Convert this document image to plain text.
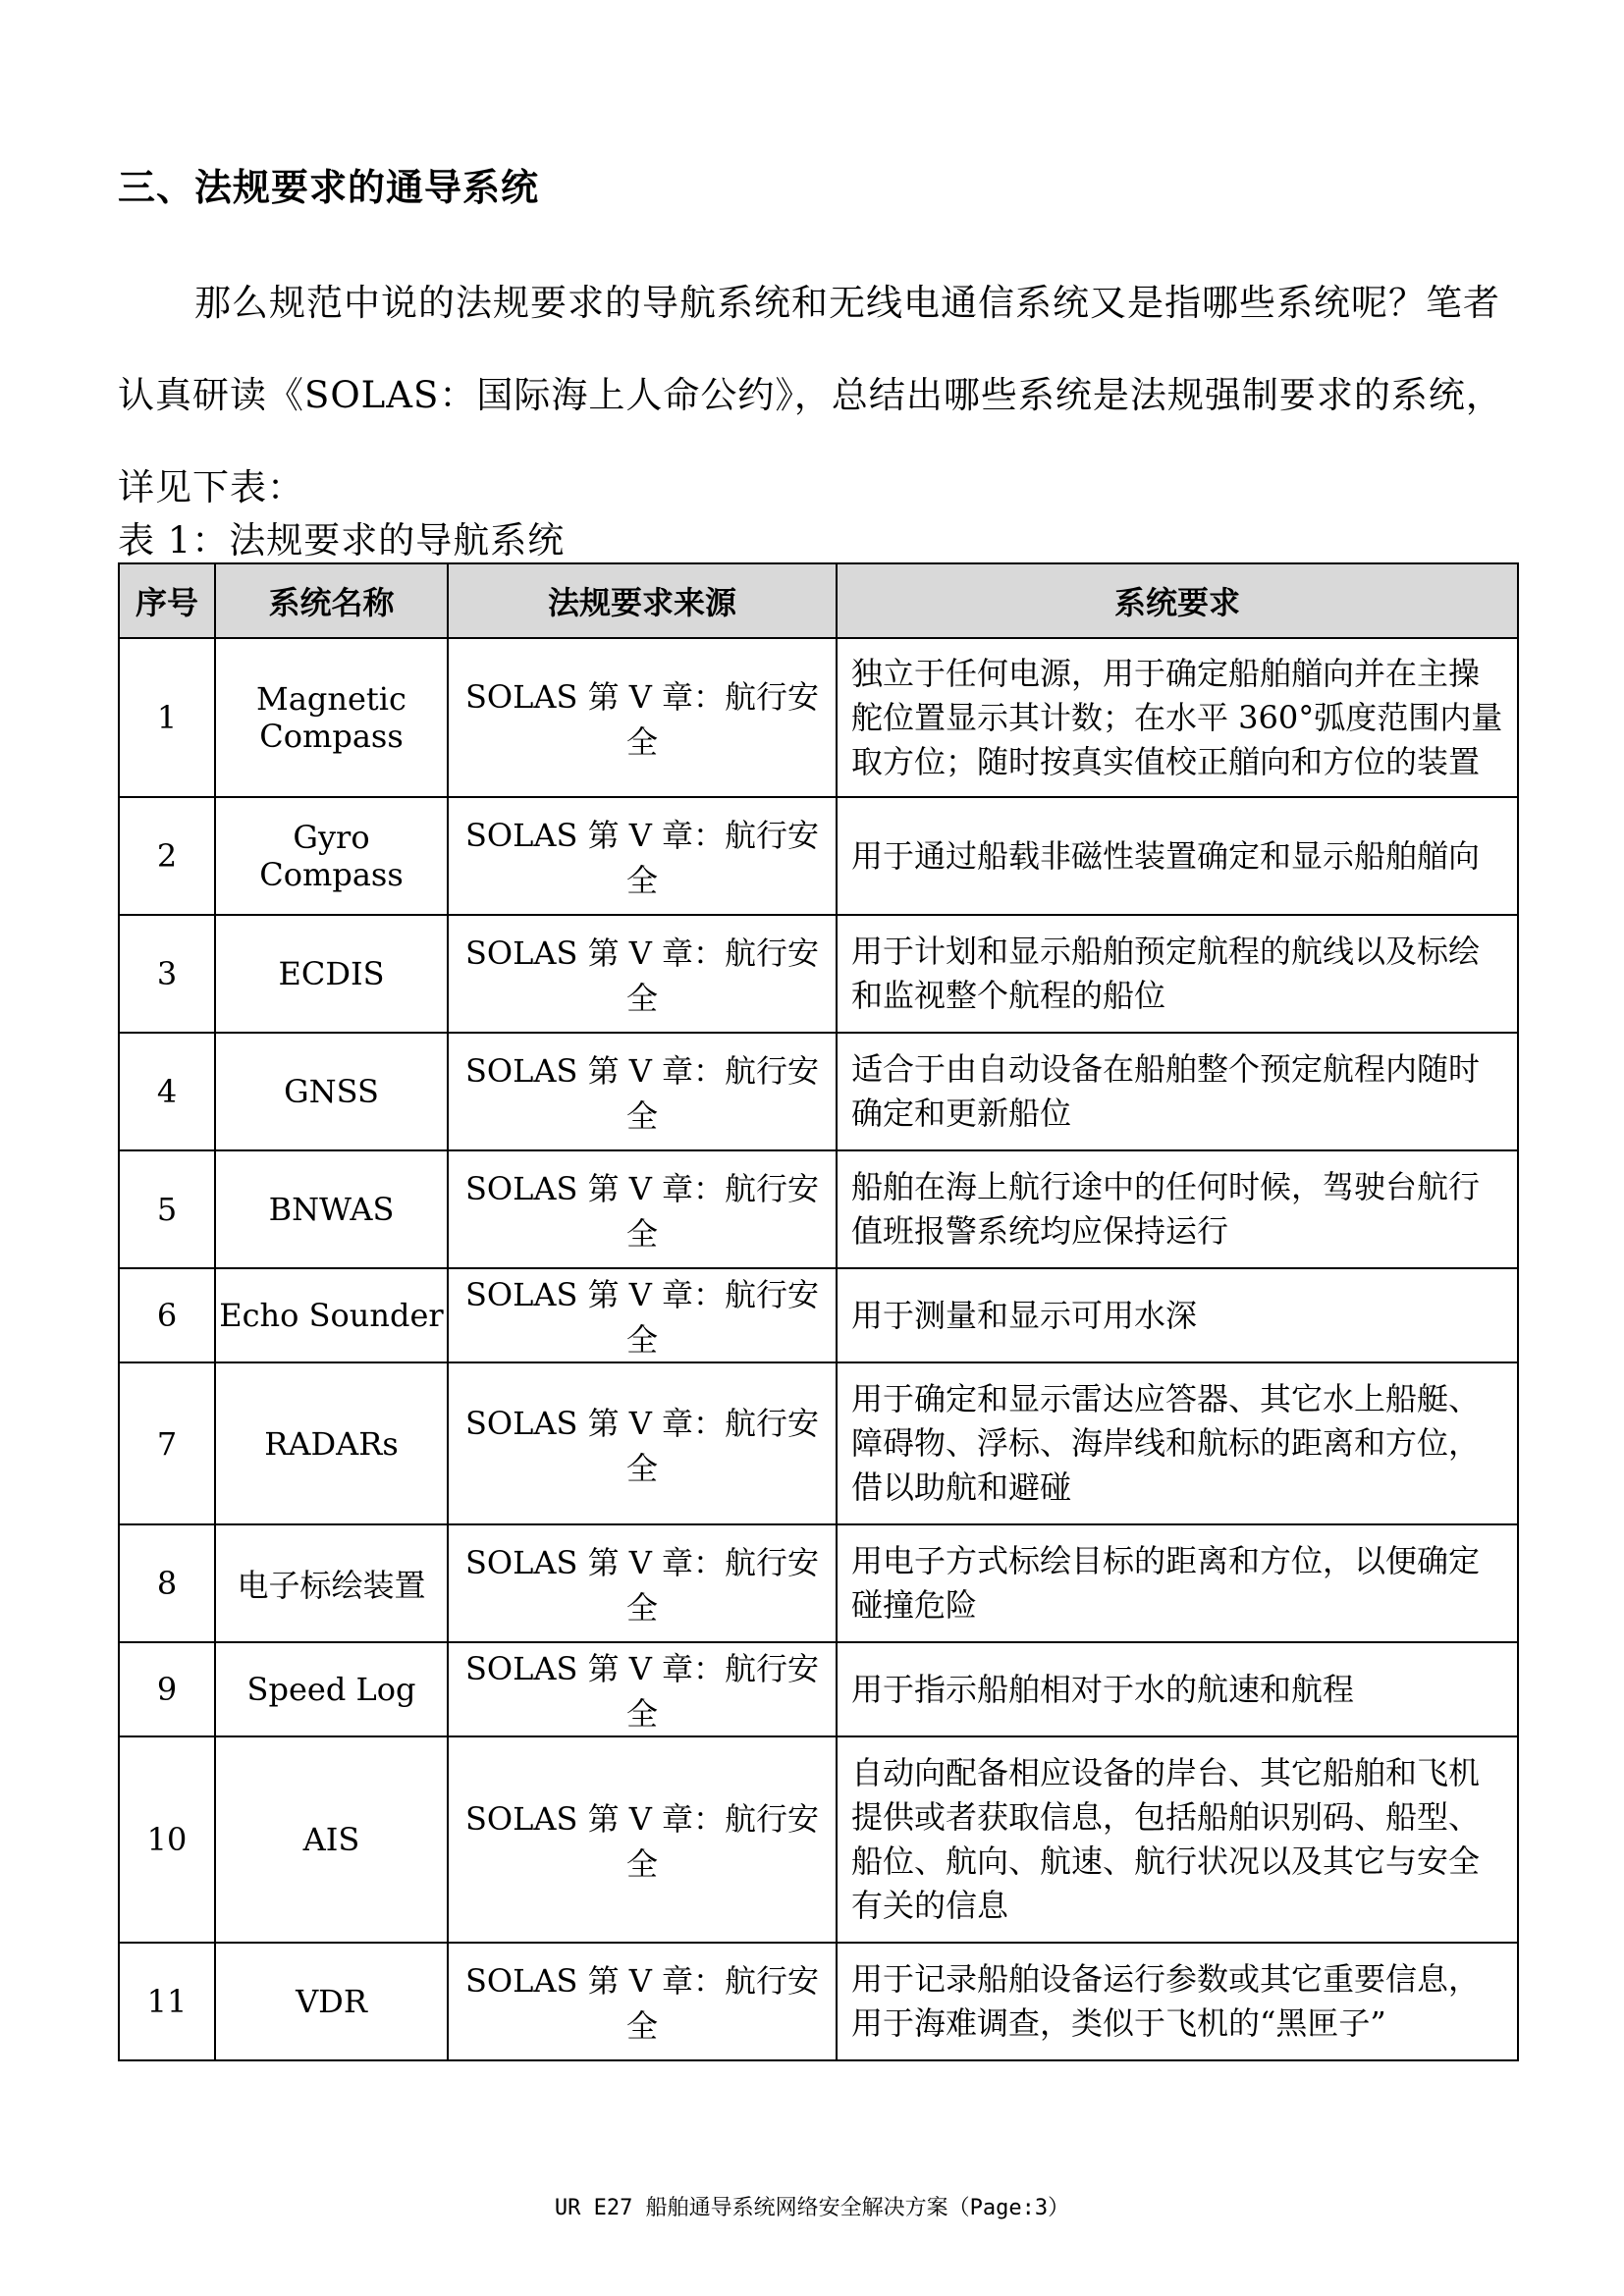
三、法规要求的通导系统
那么规范中说的法规要求的导航系统和无线电通信系统又是指哪些系统呢？笔者认真研读《SOLAS：国际海上人命公约》，总结出哪些系统是法规强制要求的系统，详见下表：
表 1：法规要求的导航系统
序号	系统名称	法规要求来源	系统要求
1	Magnetic Compass	SOLAS 第 V 章：航行安全	独立于任何电源，用于确定船舶艏向并在主操舵位置显示其计数；在水平 360°弧度范围内量取方位；随时按真实值校正艏向和方位的装置
2	Gyro Compass	SOLAS 第 V 章：航行安全	用于通过船载非磁性装置确定和显示船舶艏向
3	ECDIS	SOLAS 第 V 章：航行安全	用于计划和显示船舶预定航程的航线以及标绘和监视整个航程的船位
4	GNSS	SOLAS 第 V 章：航行安全	适合于由自动设备在船舶整个预定航程内随时确定和更新船位
5	BNWAS	SOLAS 第 V 章：航行安全	船舶在海上航行途中的任何时候，驾驶台航行值班报警系统均应保持运行
6	Echo Sounder	SOLAS 第 V 章：航行安全	用于测量和显示可用水深
7	RADARs	SOLAS 第 V 章：航行安全	用于确定和显示雷达应答器、其它水上船艇、障碍物、浮标、海岸线和航标的距离和方位，借以助航和避碰
8	电子标绘装置	SOLAS 第 V 章：航行安全	用电子方式标绘目标的距离和方位，以便确定碰撞危险
9	Speed Log	SOLAS 第 V 章：航行安全	用于指示船舶相对于水的航速和航程
10	AIS	SOLAS 第 V 章：航行安全	自动向配备相应设备的岸台、其它船舶和飞机提供或者获取信息，包括船舶识别码、船型、船位、航向、航速、航行状况以及其它与安全有关的信息
11	VDR	SOLAS 第 V 章：航行安全	用于记录船舶设备运行参数或其它重要信息，用于海难调查，类似于飞机的“黑匣子”
UR E27 船舶通导系统网络安全解决方案（Page:3）
